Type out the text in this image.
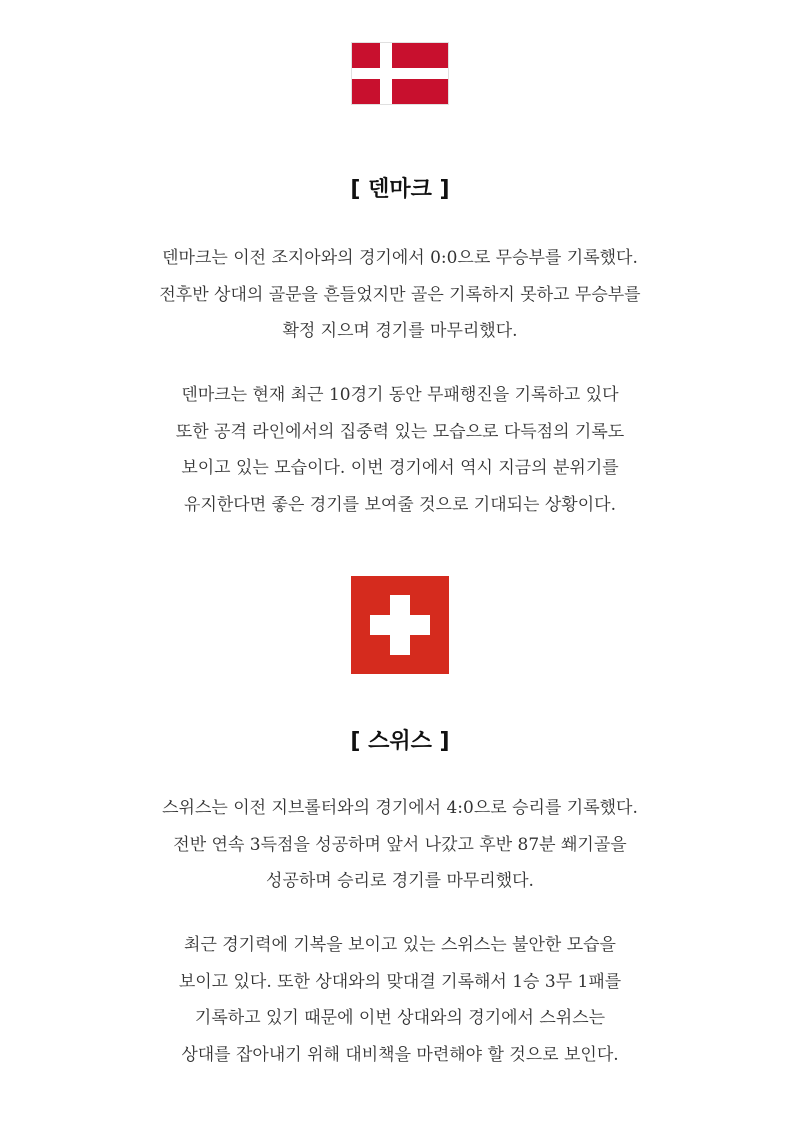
[ 덴마크 ]
덴마크는 이전 조지아와의 경기에서 0:0으로 무승부를 기록했다.
전후반 상대의 골문을 흔들었지만 골은 기록하지 못하고 무승부를
확정 지으며 경기를 마무리했다.
덴마크는 현재 최근 10경기 동안 무패행진을 기록하고 있다
또한 공격 라인에서의 집중력 있는 모습으로 다득점의 기록도
보이고 있는 모습이다. 이번 경기에서 역시 지금의 분위기를
유지한다면 좋은 경기를 보여줄 것으로 기대되는 상황이다.
[ 스위스 ]
스위스는 이전 지브롤터와의 경기에서 4:0으로 승리를 기록했다.
전반 연속 3득점을 성공하며 앞서 나갔고 후반 87분 쐐기골을
성공하며 승리로 경기를 마무리했다.
최근 경기력에 기복을 보이고 있는 스위스는 불안한 모습을
보이고 있다. 또한 상대와의 맞대결 기록해서 1승 3무 1패를
기록하고 있기 때문에 이번 상대와의 경기에서 스위스는
상대를 잡아내기 위해 대비책을 마련해야 할 것으로 보인다.
